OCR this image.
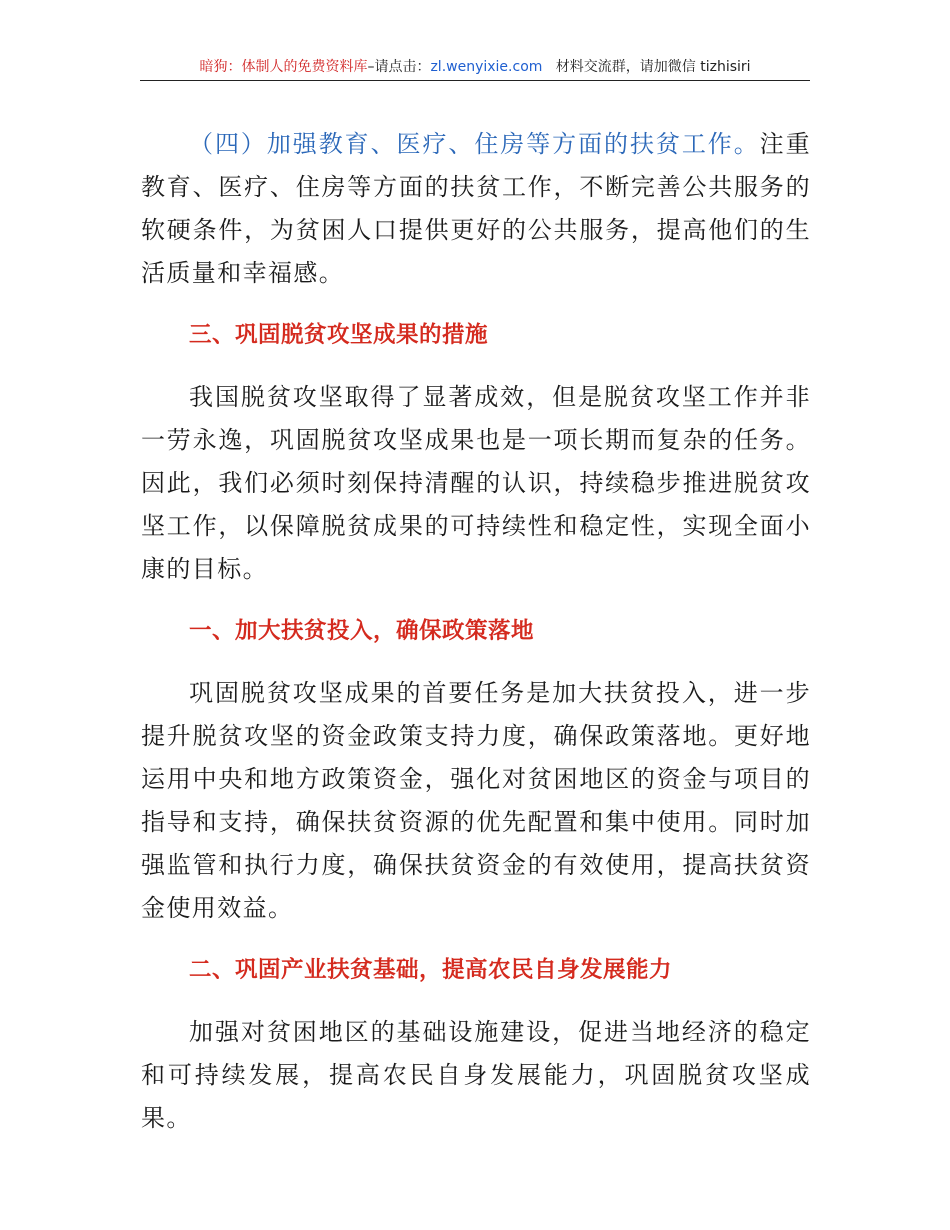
暗狗：体制人的免费资料库–请点击：zl.wenyixie.com 材料交流群，请加微信 tizhisiri

（四）加强教育、医疗、住房等方面的扶贫工作。注重教育、医疗、住房等方面的扶贫工作，不断完善公共服务的软硬条件，为贫困人口提供更好的公共服务，提高他们的生活质量和幸福感。

三、巩固脱贫攻坚成果的措施

我国脱贫攻坚取得了显著成效，但是脱贫攻坚工作并非一劳永逸，巩固脱贫攻坚成果也是一项长期而复杂的任务。因此，我们必须时刻保持清醒的认识，持续稳步推进脱贫攻坚工作，以保障脱贫成果的可持续性和稳定性，实现全面小康的目标。

一、加大扶贫投入，确保政策落地

巩固脱贫攻坚成果的首要任务是加大扶贫投入，进一步提升脱贫攻坚的资金政策支持力度，确保政策落地。更好地运用中央和地方政策资金，强化对贫困地区的资金与项目的指导和支持，确保扶贫资源的优先配置和集中使用。同时加强监管和执行力度，确保扶贫资金的有效使用，提高扶贫资金使用效益。

二、巩固产业扶贫基础，提高农民自身发展能力

加强对贫困地区的基础设施建设，促进当地经济的稳定和可持续发展，提高农民自身发展能力，巩固脱贫攻坚成果。
